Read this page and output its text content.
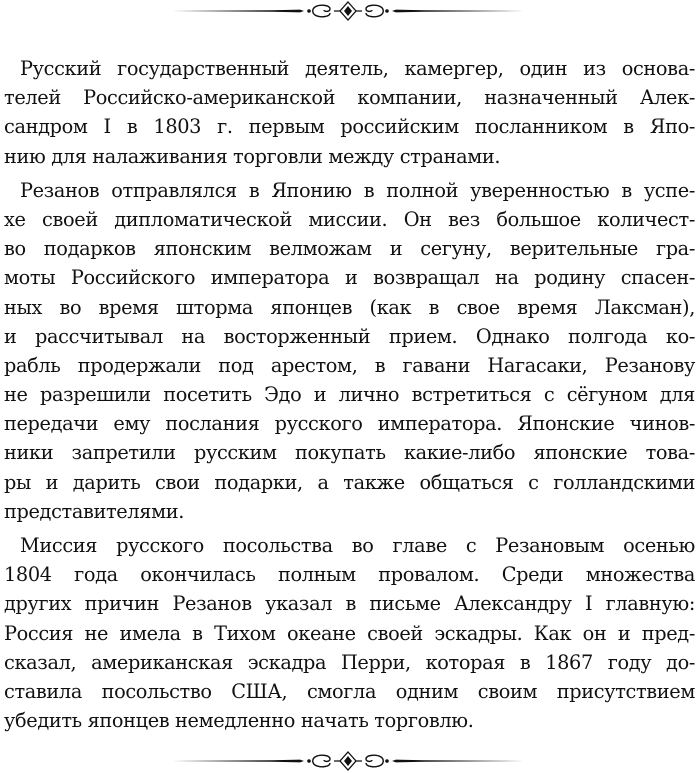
Русский государственный деятель, камергер, один из основа-
телей Российско-американской компании, назначенный Алек-
сандром I в 1803 г. первым российским посланником в Япо-
нию для налаживания торговли между странами.

Резанов отправлялся в Японию в полной уверенностью в успе-
хе своей дипломатической миссии. Он вез большое количест-
во подарков японским велможам и сегуну, верительные гра-
моты Российского императора и возвращал на родину спасен-
ных во время шторма японцев (как в свое время Лаксман),
и рассчитывал на восторженный прием. Однако полгода ко-
рабль продержали под арестом, в гавани Нагасаки, Резанову
не разрешили посетить Эдо и лично встретиться с сёгуном для
передачи ему послания русского императора. Японские чинов-
ники запретили русским покупать какие-либо японские това-
ры и дарить свои подарки, а также общаться с голландскими
представителями.

Миссия русского посольства во главе с Резановым осенью
1804 года окончилась полным провалом. Среди множества
других причин Резанов указал в письме Александру I главную:
Россия не имела в Тихом океане своей эскадры. Как он и пред-
сказал, американская эскадра Перри, которая в 1867 году до-
ставила посольство США, смогла одним своим присутствием
убедить японцев немедленно начать торговлю.
